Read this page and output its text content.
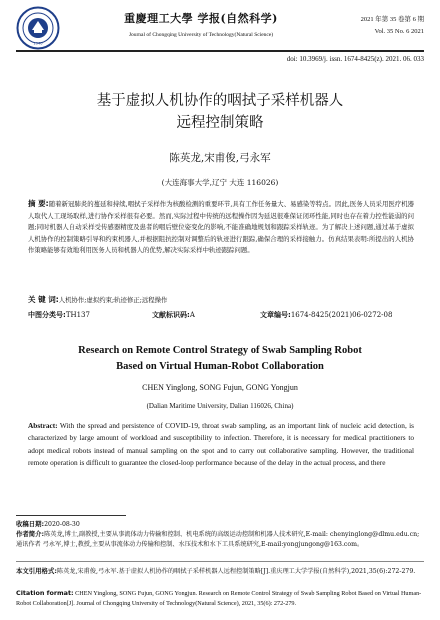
1940
重慶理工大學 学报(自然科学)
Journal of Chongqing University of Technology(Natural Science)
2021 年第 35 卷第 6 期
Vol. 35 No. 6 2021
doi: 10.3969/j. issn. 1674-8425(z). 2021. 06. 033
基于虚拟人机协作的咽拭子采样机器人
远程控制策略
陈英龙,宋甫俊,弓永军
(大连海事大学,辽宁 大连 116026)
摘 要:随着新冠肺炎的蔓延和持续,咽拭子采样作为核酸检测的重要环节,具有工作任务量大、易感染等特点。因此,医务人员采用医疗机器人取代人工现场取样,进行协作采样很有必要。然而,实际过程中传统的远程操作因为延迟很难保证闭环性能,同时也存在着力控性能弱的问题;同时机器人自动采样受传感器精度及患者的咽后壁位姿变化的影响,不能准确地规划和跟踪采样轨迹。为了解决上述问题,通过基于虚拟人机协作的控制策略引导和约束机器人,并根据阻抗控制对调整后的轨迹进行跟踪,确保合理的采样接触力。仿真结果表明:所提出的人机协作策略能够有效地利用医务人员和机器人的优势,解决实际采样中轨迹跟踪问题。
关 键 词:人机协作;虚拟约束;轨迹修正;远程操作
中图分类号:TH137	文献标识码:A	文章编号:1674-8425(2021)06-0272-08
Research on Remote Control Strategy of Swab Sampling Robot
Based on Virtual Human-Robot Collaboration
CHEN Yinglong, SONG Fujun, GONG Yongjun
(Dalian Maritime University, Dalian 116026, China)
Abstract: With the spread and persistence of COVID-19, throat swab sampling, as an important link of nucleic acid detection, is characterized by large amount of workload and susceptibility to infection. Therefore, it is necessary for medical practitioners to adopt medical robots instead of manual sampling on the spot and to carry out collaborative sampling. However, the traditional remote operation is difficult to guarantee the closed-loop performance because of the delay in the actual process, and there
收稿日期:2020-08-30
作者简介:陈英龙,博士,副教授,主要从事流体动力传输和控制、机电系统的高级运动控制和机器人技术研究,E-mail: chenyinglong@dlmu.edu.cn;通讯作者 弓永军,博士,教授,主要从事流体动力传输和控制、水压技术和水下工具系统研究,E-mail:yongjungong@163.com。
本文引用格式:陈英龙,宋甫俊,弓永军.基于虚拟人机协作的咽拭子采样机器人远程控制策略[J].重庆理工大学学报(自然科学),2021,35(6):272-279.
Citation format: CHEN Yinglong, SONG Fujun, GONG Yongjun. Research on Remote Control Strategy of Swab Sampling Robot Based on Virtual Human-Robot Collaboration[J]. Journal of Chongqing University of Technology(Natural Science), 2021, 35(6): 272-279.
